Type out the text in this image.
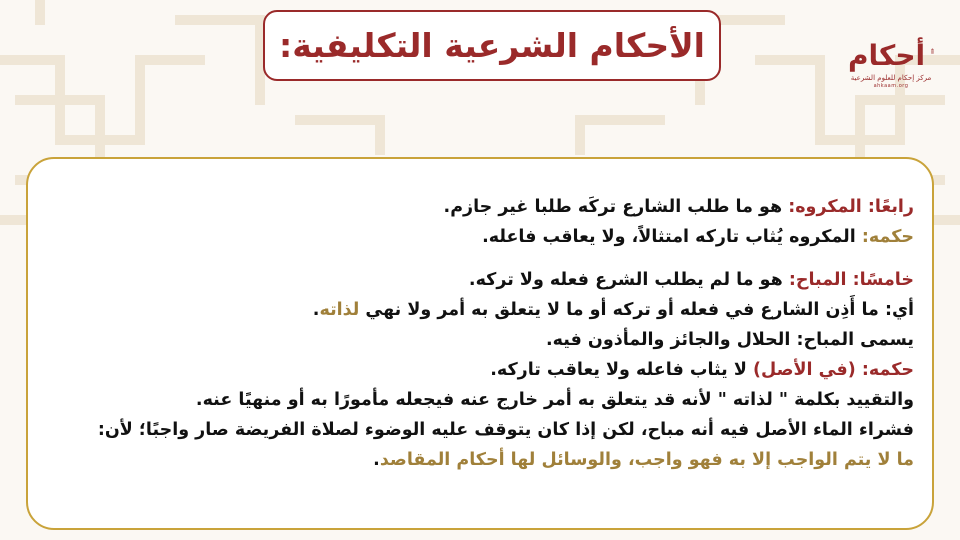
الأحكام الشرعية التكليفية:	أحكام
مركز إحكام للعلوم الشرعية
ahkaam.org
رابعًا: المكروه: هو ما طلب الشارع تركَه طلبا غير جازم.
حكمه: المكروه يُثاب تاركه امتثالاً، ولا يعاقب فاعله.
خامسًا: المباح: هو ما لم يطلب الشرع فعله ولا تركه.
أي: ما أَذِن الشارع في فعله أو تركه أو ما لا يتعلق به أمر ولا نهي لذاته.
يسمى المباح: الحلال والجائز والمأذون فيه.
حكمه: (في الأصل) لا يثاب فاعله ولا يعاقب تاركه.
والتقييد بكلمة " لذاته " لأنه قد يتعلق به أمر خارج عنه فيجعله مأمورًا به أو منهيًا عنه.
فشراء الماء الأصل فيه أنه مباح، لكن إذا كان يتوقف عليه الوضوء لصلاة الفريضة صار واجبًا؛ لأن:
ما لا يتم الواجب إلا به فهو واجب، والوسائل لها أحكام المقاصد.
